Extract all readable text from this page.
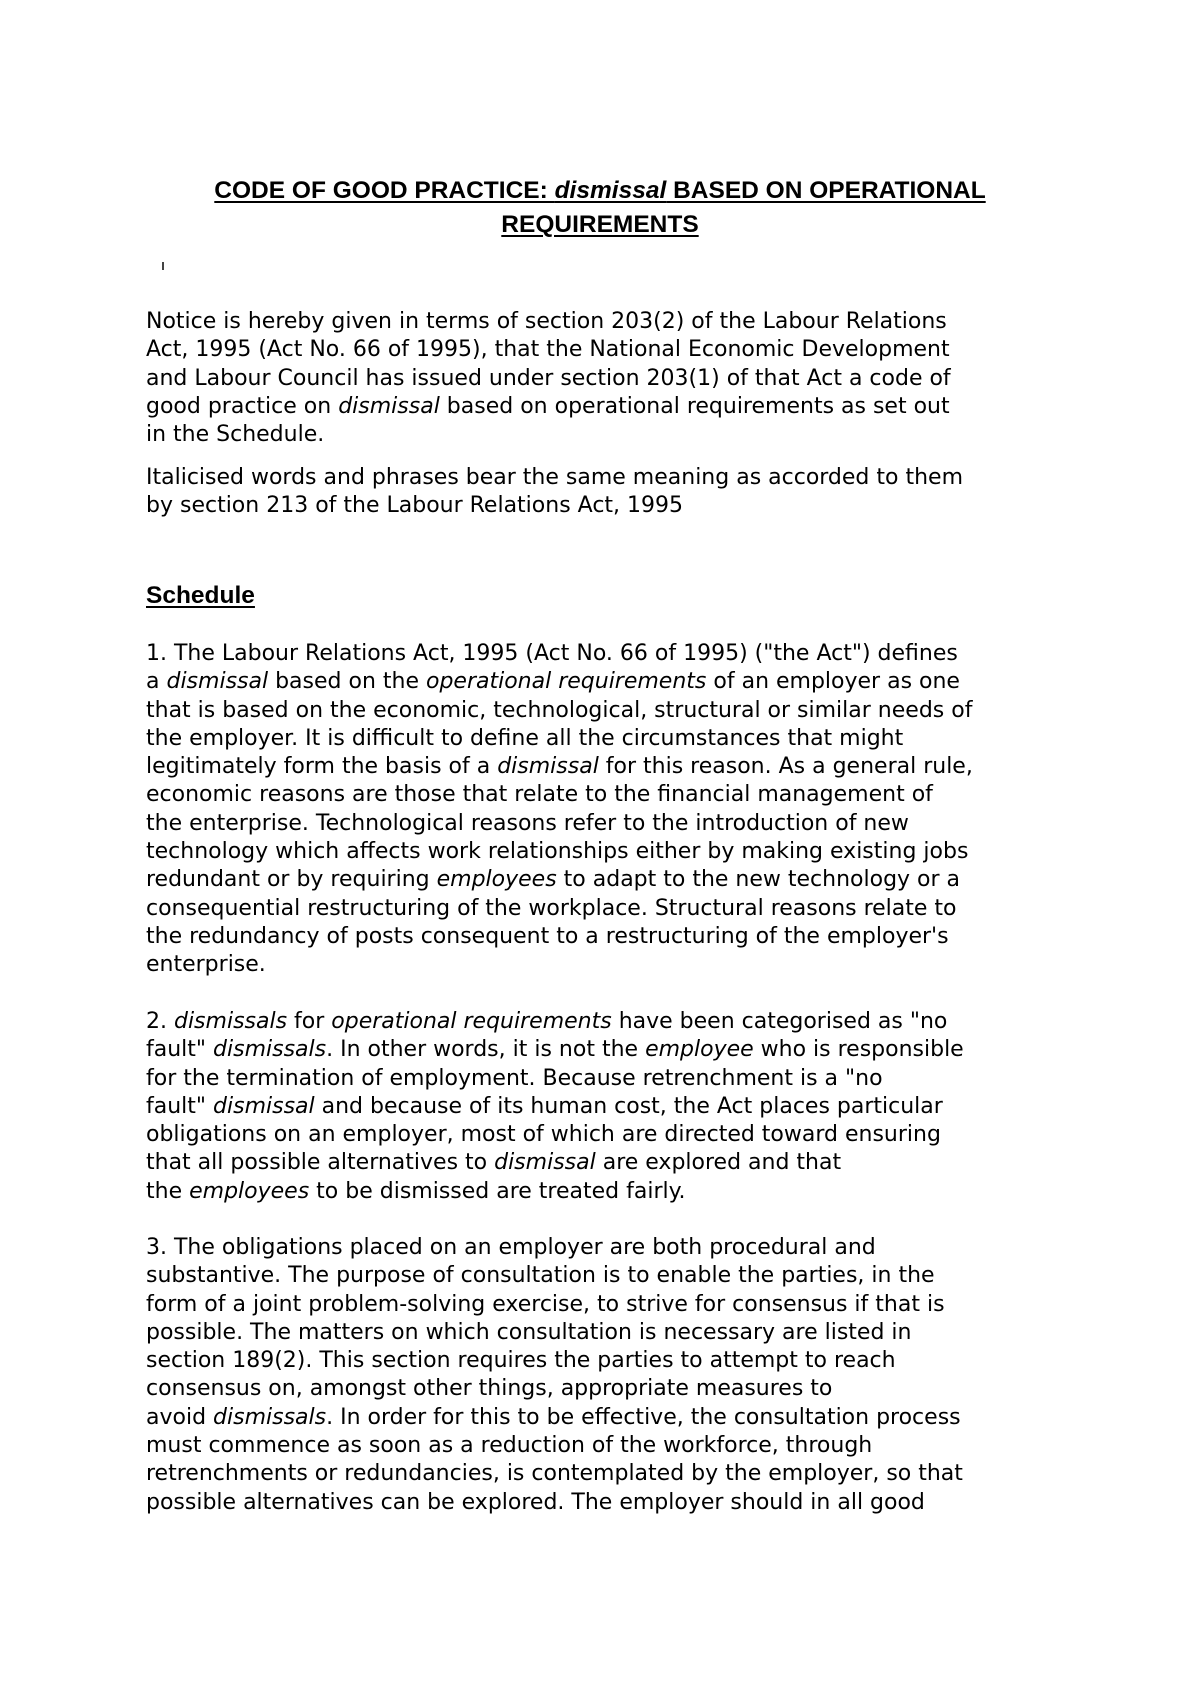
CODE OF GOOD PRACTICE: dismissal BASED ON OPERATIONAL
REQUIREMENTS

Notice is hereby given in terms of section 203(2) of the Labour Relations
Act, 1995 (Act No. 66 of 1995), that the National Economic Development
and Labour Council has issued under section 203(1) of that Act a code of
good practice on dismissal based on operational requirements as set out
in the Schedule.

Italicised words and phrases bear the same meaning as accorded to them
by section 213 of the Labour Relations Act, 1995

Schedule

1. The Labour Relations Act, 1995 (Act No. 66 of 1995) ("the Act") defines
a dismissal based on the operational requirements of an employer as one
that is based on the economic, technological, structural or similar needs of
the employer. It is difficult to define all the circumstances that might
legitimately form the basis of a dismissal for this reason. As a general rule,
economic reasons are those that relate to the financial management of
the enterprise. Technological reasons refer to the introduction of new
technology which affects work relationships either by making existing jobs
redundant or by requiring employees to adapt to the new technology or a
consequential restructuring of the workplace. Structural reasons relate to
the redundancy of posts consequent to a restructuring of the employer's
enterprise.

2. dismissals for operational requirements have been categorised as "no
fault" dismissals. In other words, it is not the employee who is responsible
for the termination of employment. Because retrenchment is a "no
fault" dismissal and because of its human cost, the Act places particular
obligations on an employer, most of which are directed toward ensuring
that all possible alternatives to dismissal are explored and that
the employees to be dismissed are treated fairly.

3. The obligations placed on an employer are both procedural and
substantive. The purpose of consultation is to enable the parties, in the
form of a joint problem-solving exercise, to strive for consensus if that is
possible. The matters on which consultation is necessary are listed in
section 189(2). This section requires the parties to attempt to reach
consensus on, amongst other things, appropriate measures to
avoid dismissals. In order for this to be effective, the consultation process
must commence as soon as a reduction of the workforce, through
retrenchments or redundancies, is contemplated by the employer, so that
possible alternatives can be explored. The employer should in all good
